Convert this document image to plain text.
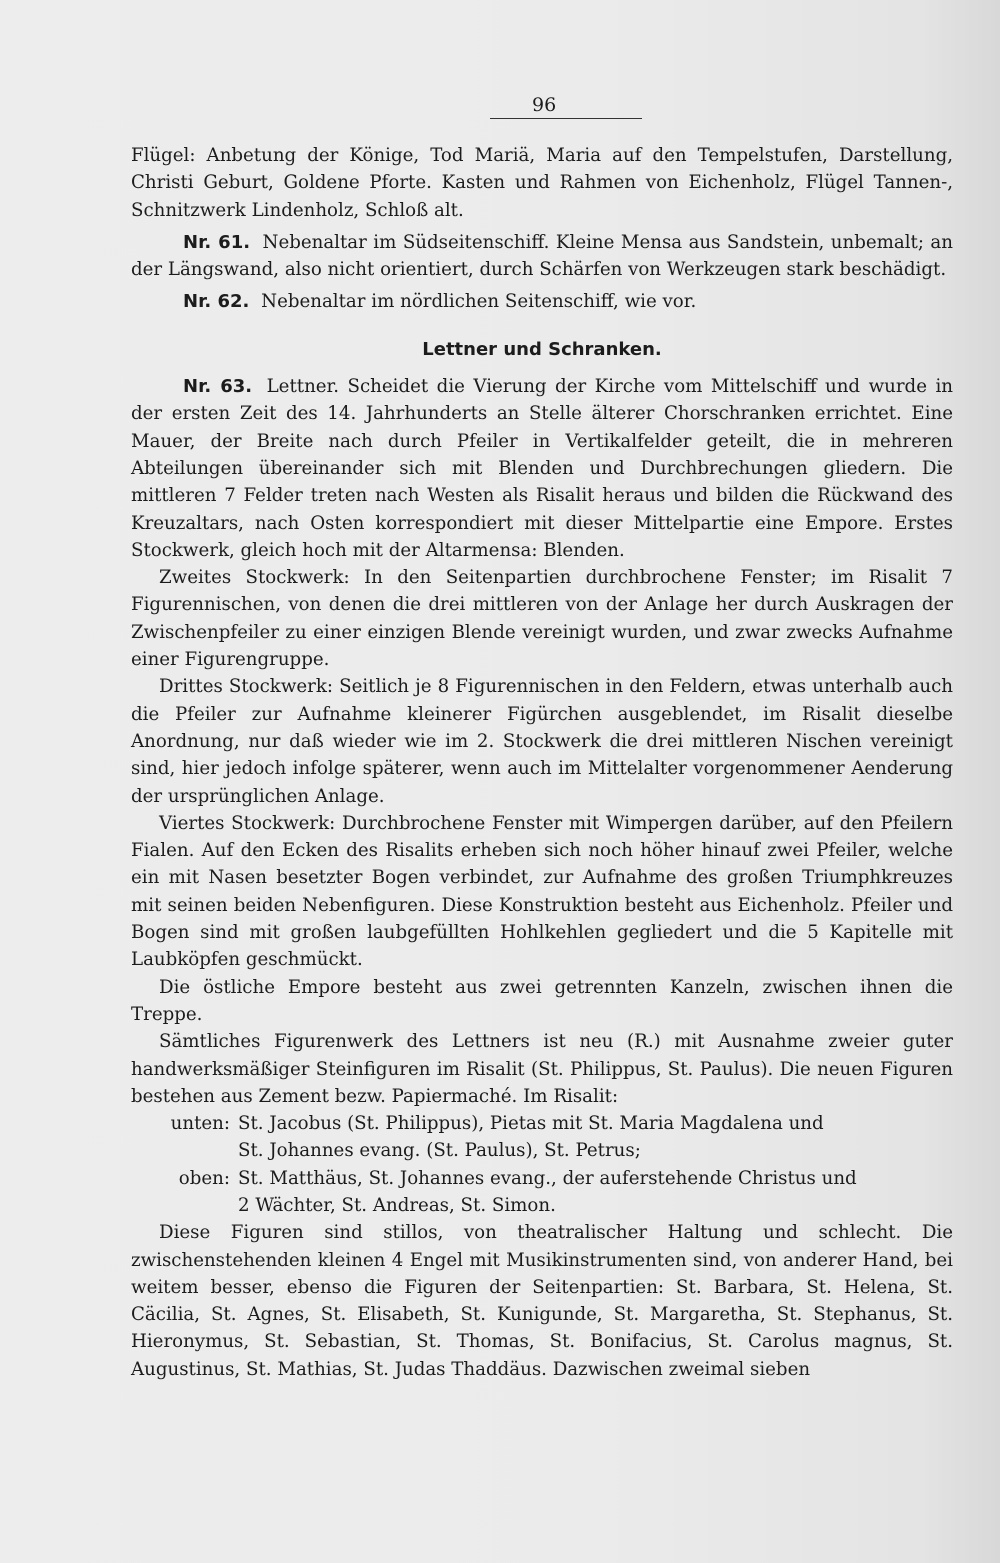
96

Flügel: Anbetung der Könige, Tod Mariä, Maria auf den Tempelstufen, Darstellung, Christi Geburt, Goldene Pforte. Kasten und Rahmen von Eichenholz, Flügel Tannen-, Schnitzwerk Lindenholz, Schloß alt.

Nr. 61. Nebenaltar im Südseitenschiff. Kleine Mensa aus Sandstein, unbemalt; an der Längswand, also nicht orientiert, durch Schärfen von Werkzeugen stark beschädigt.

Nr. 62. Nebenaltar im nördlichen Seitenschiff, wie vor.

Lettner und Schranken.

Nr. 63. Lettner. Scheidet die Vierung der Kirche vom Mittelschiff und wurde in der ersten Zeit des 14. Jahrhunderts an Stelle älterer Chorschranken errichtet. Eine Mauer, der Breite nach durch Pfeiler in Vertikalfelder geteilt, die in mehreren Abteilungen übereinander sich mit Blenden und Durchbrechungen gliedern. Die mittleren 7 Felder treten nach Westen als Risalit heraus und bilden die Rückwand des Kreuzaltars, nach Osten korrespondiert mit dieser Mittelpartie eine Empore. Erstes Stockwerk, gleich hoch mit der Altarmensa: Blenden.

Zweites Stockwerk: In den Seitenpartien durchbrochene Fenster; im Risalit 7 Figurennischen, von denen die drei mittleren von der Anlage her durch Auskragen der Zwischenpfeiler zu einer einzigen Blende vereinigt wurden, und zwar zwecks Aufnahme einer Figurengruppe.

Drittes Stockwerk: Seitlich je 8 Figurennischen in den Feldern, etwas unterhalb auch die Pfeiler zur Aufnahme kleinerer Figürchen ausgeblendet, im Risalit dieselbe Anordnung, nur daß wieder wie im 2. Stockwerk die drei mittleren Nischen vereinigt sind, hier jedoch infolge späterer, wenn auch im Mittelalter vorgenommener Aenderung der ursprünglichen Anlage.

Viertes Stockwerk: Durchbrochene Fenster mit Wimpergen darüber, auf den Pfeilern Fialen. Auf den Ecken des Risalits erheben sich noch höher hinauf zwei Pfeiler, welche ein mit Nasen besetzter Bogen verbindet, zur Aufnahme des großen Triumphkreuzes mit seinen beiden Nebenfiguren. Diese Konstruktion besteht aus Eichenholz. Pfeiler und Bogen sind mit großen laubgefüllten Hohlkehlen gegliedert und die 5 Kapitelle mit Laubköpfen geschmückt.

Die östliche Empore besteht aus zwei getrennten Kanzeln, zwischen ihnen die Treppe.

Sämtliches Figurenwerk des Lettners ist neu (R.) mit Ausnahme zweier guter handwerksmäßiger Steinfiguren im Risalit (St. Philippus, St. Paulus). Die neuen Figuren bestehen aus Zement bezw. Papiermaché. Im Risalit:

unten: St. Jacobus (St. Philippus), Pietas mit St. Maria Magdalena und
St. Johannes evang. (St. Paulus), St. Petrus;
oben: St. Matthäus, St. Johannes evang., der auferstehende Christus und
2 Wächter, St. Andreas, St. Simon.

Diese Figuren sind stillos, von theatralischer Haltung und schlecht. Die zwischenstehenden kleinen 4 Engel mit Musikinstrumenten sind, von anderer Hand, bei weitem besser, ebenso die Figuren der Seitenpartien: St. Barbara, St. Helena, St. Cäcilia, St. Agnes, St. Elisabeth, St. Kunigunde, St. Margaretha, St. Stephanus, St. Hieronymus, St. Sebastian, St. Thomas, St. Bonifacius, St. Carolus magnus, St. Augustinus, St. Mathias, St. Judas Thaddäus. Dazwischen zweimal sieben
